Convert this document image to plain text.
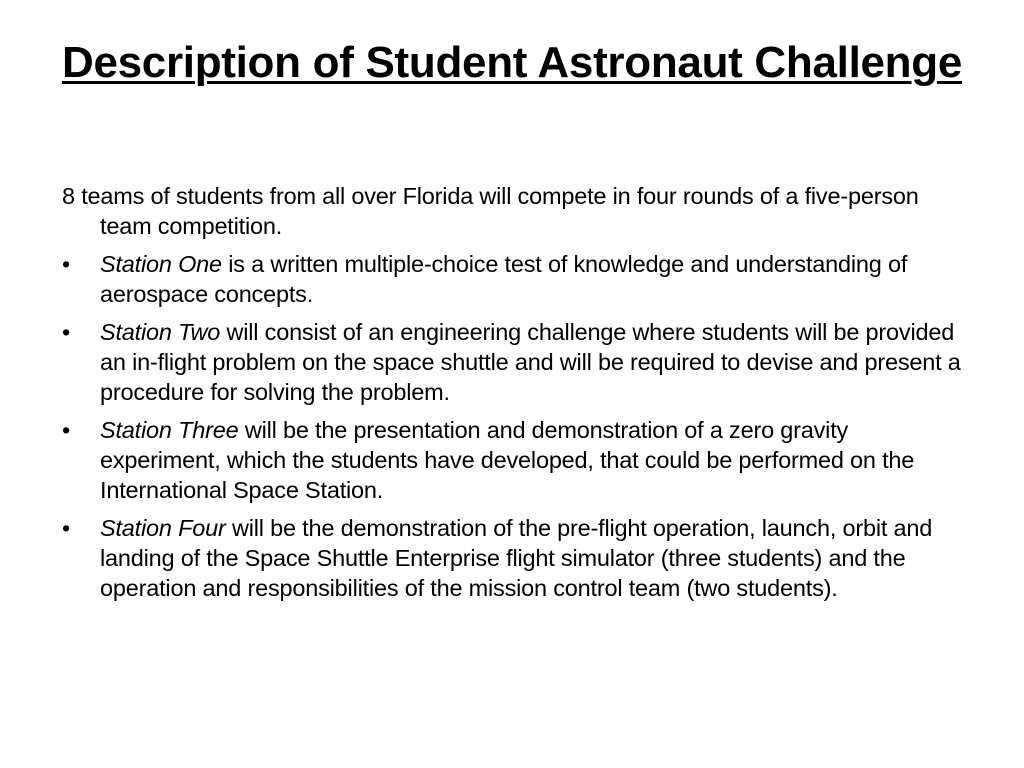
Description of Student Astronaut Challenge

8 teams of students from all over Florida will compete in four rounds of a five-person team competition.

•	Station One is a written multiple-choice test of knowledge and understanding of aerospace concepts.
•	Station Two will consist of an engineering challenge where students will be provided an in-flight problem on the space shuttle and will be required to devise and present a procedure for solving the problem.
•	Station Three will be the presentation and demonstration of a zero gravity experiment, which the students have developed, that could be performed on the International Space Station.
•	Station Four will be the demonstration of the pre-flight operation, launch, orbit and landing of the Space Shuttle Enterprise flight simulator (three students) and the operation and responsibilities of the mission control team (two students).
